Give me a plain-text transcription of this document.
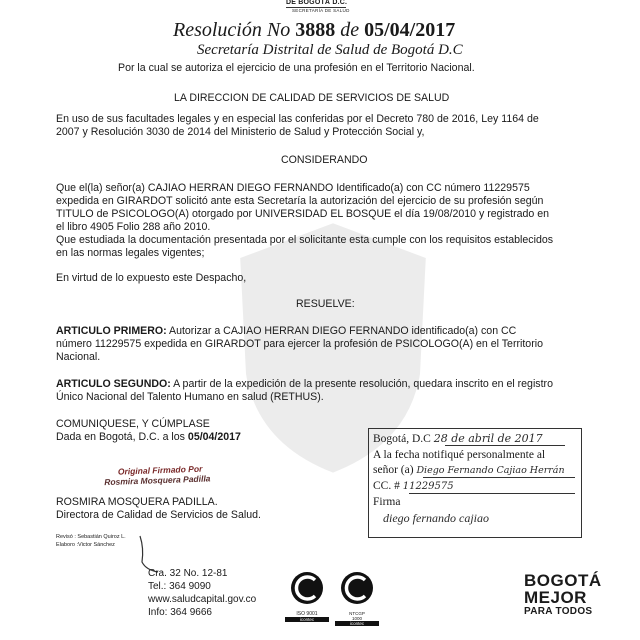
DE BOGOTÁ D.C.
SECRETARÍA DE SALUD
Resolución No 3888 de 05/04/2017
Secretaría Distrital de Salud de Bogotá D.C
Por la cual se autoriza el ejercicio de una profesión en el Territorio Nacional.
LA DIRECCION DE CALIDAD DE SERVICIOS DE SALUD
En uso de sus facultades legales y en especial las conferidas por el Decreto 780 de 2016, Ley 1164 de
2007 y Resolución 3030 de 2014 del Ministerio de Salud y Protección Social y,
CONSIDERANDO
Que el(la) señor(a) CAJIAO HERRAN DIEGO FERNANDO Identificado(a) con CC número 11229575
expedida en GIRARDOT solicitó ante esta Secretaría la autorización del ejercicio de su profesión según
TITULO de PSICOLOGO(A) otorgado por UNIVERSIDAD EL BOSQUE el día 19/08/2010 y registrado en
el libro 4905 Folio 288 año 2010.
Que estudiada la documentación presentada por el solicitante esta cumple con los requisitos establecidos
en las normas legales vigentes;
En virtud de lo expuesto este Despacho,
RESUELVE:
ARTICULO PRIMERO: Autorizar a CAJIAO HERRAN DIEGO FERNANDO identificado(a) con CC
número 11229575 expedida en GIRARDOT para ejercer la profesión de PSICOLOGO(A) en el Territorio
Nacional.
ARTICULO SEGUNDO: A partir de la expedición de la presente resolución, quedara inscrito en el registro
Único Nacional del Talento Humano en salud (RETHUS).
COMUNIQUESE, Y CÚMPLASE
Dada en Bogotá, D.C. a los 05/04/2017
Original Firmado Por
Rosmira Mosquera Padilla
ROSMIRA MOSQUERA PADILLA.
Directora de Calidad de Servicios de Salud.
Revisó : Sebastián Quiroz L.
Elaboro :Victor Sánchez
Bogotá, D.C 28 de abril de 2017
A la fecha notifiqué personalmente al
señor (a) Diego Fernando Cajiao Herrán
CC. # 11229575
Firma
diego fernando cajiao
Cra. 32 No. 12-81
Tel.: 364 9090
www.saludcapital.gov.co
Info: 364 9666	ISO 9001
icontec
NTCGP
1000
icontec
BOGOTÁ
MEJOR
PARA TODOS
